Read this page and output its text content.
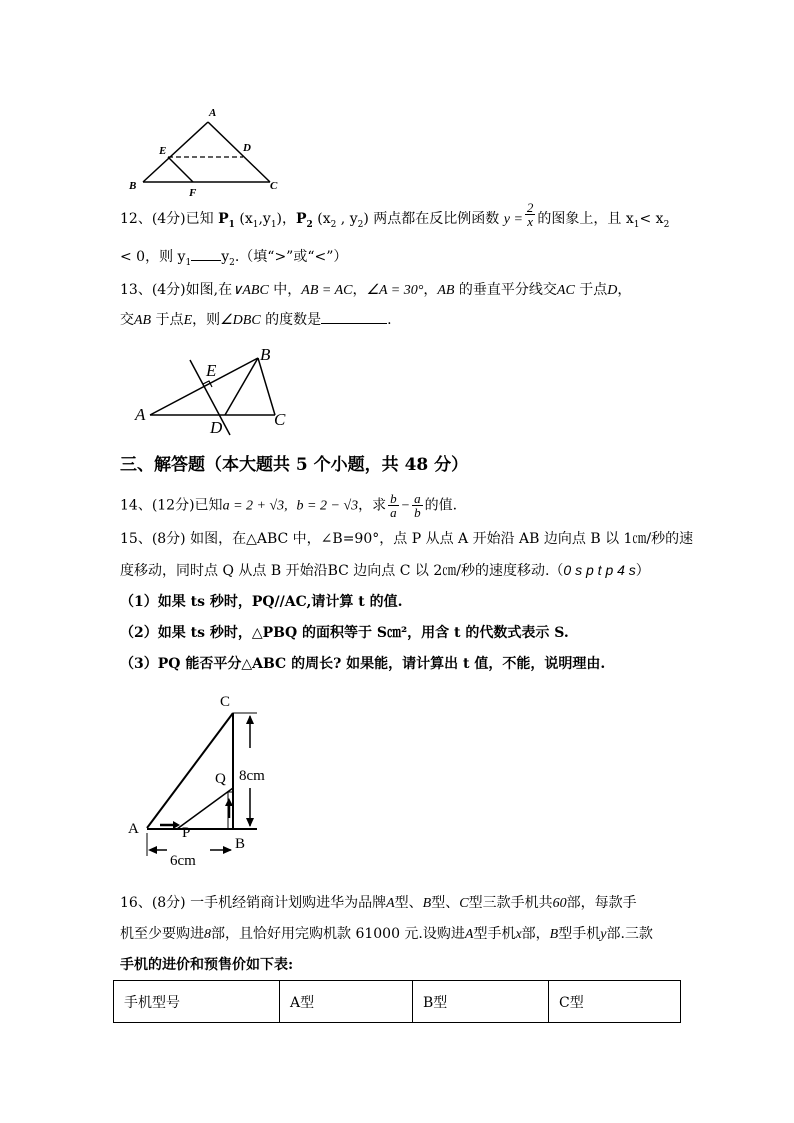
A
E	D
B
F
C
12、(4分)已知 $P_1$ $(x_1,y_1)$，$P_2$ ($x_2$ , $y_2$) 两点都在反比例函数 $y = \frac{2}{x}$ 的图象上，且 $x_1< x_2$
< 0，则 $y_1$ $y_2$.（填“>”或“<”）
13、(4分)如图,在∨ABC 中，AB = AC，∠A = 30°，AB 的垂直平分线交AC 于点D，
交AB 于点E，则∠DBC 的度数是	.
B
E
A
D	C
三、解答题（本大题共 5 个小题，共 48 分）
14、(12分)已知a = 2 + √3, b = 2 − √3，求 $\frac{b}{a} - \frac{a}{b}$ 的值.
15、(8分) 如图，在△ABC 中，∠B=90°，点 P 从点 A 开始沿 AB 边向点 B 以 1㎝/秒的速
度移动，同时点 Q 从点 B 开始沿BC 边向点 C 以 2㎝/秒的速度移动.（0 s p t p 4 s）
（1）如果 ts 秒时，PQ//AC,请计算 t 的值.
（2）如果 ts 秒时，△PBQ 的面积等于 S㎝²，用含 t 的代数式表示 S.
（3）PQ 能否平分△ABC 的周长? 如果能，请计算出 t 值，不能，说明理由.
C
Q 8cm
A	P
B
6cm
16、(8分) 一手机经销商计划购进华为品牌A型、B型、C型三款手机共60部，每款手
机至少要购进8部，且恰好用完购机款 61000 元.设购进A型手机x部，B型手机y部.三款
手机的进价和预售价如下表:
手机型号	A型	B型	C型
